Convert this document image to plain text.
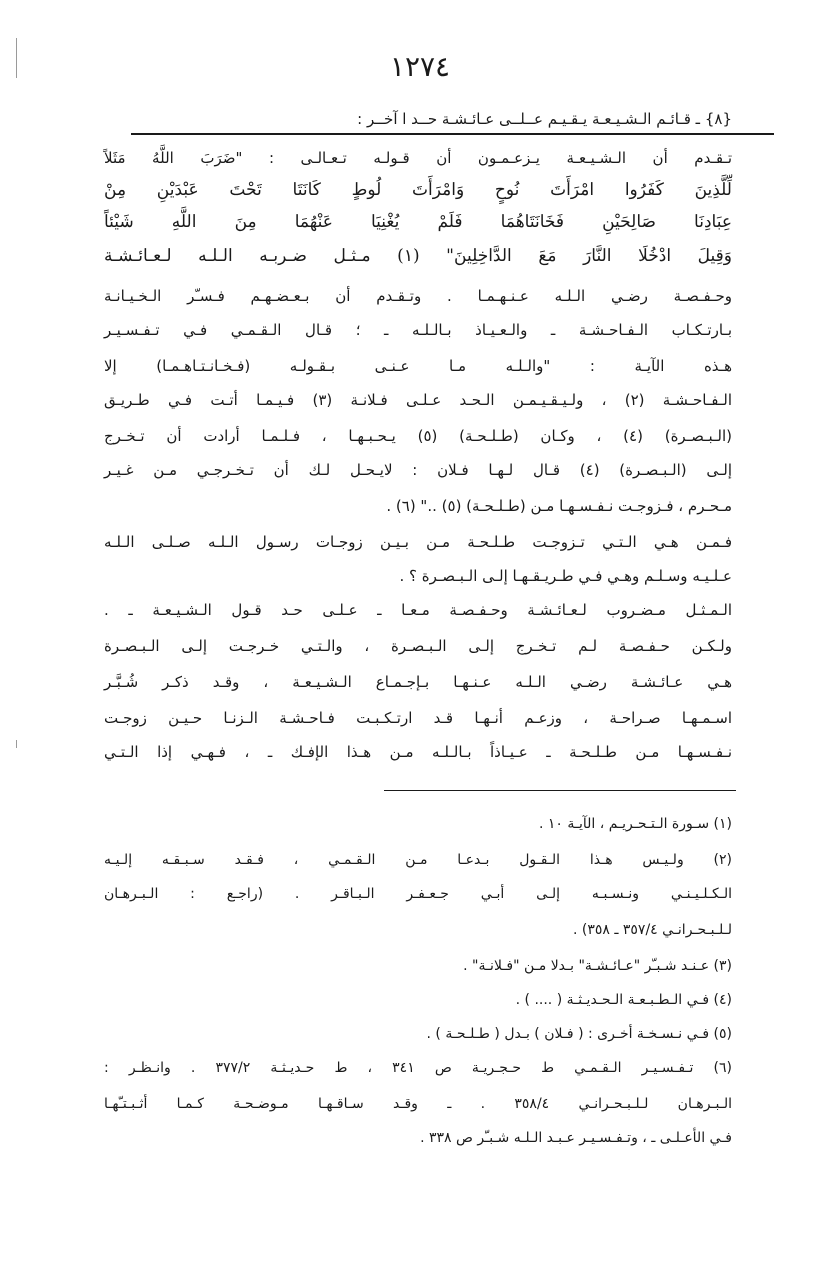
١٢٧٤
{٨} ـ قـائـم الـشـيـعـة يـقـيـم عــلــى عـائـشـة حــد ا آخــر :
تـقـدم أن الـشـيـعـة يـزعـمـون أن قـولـه تـعـالـى : "ضَرَبَ اللَّهُ مَثَلاً
لِّلَّذِينَ كَفَرُوا امْرَأَتَ نُوحٍ وَامْرَأَتَ لُوطٍ كَانَتَا تَحْتَ عَبْدَيْنِ مِنْ
عِبَادِنَا صَالِحَيْنِ فَخَانَتَاهُمَا فَلَمْ يُغْنِيَا عَنْهُمَا مِنَ اللَّهِ شَيْئاً
وَقِيلَ ادْخُلَا النَّارَ مَعَ الدَّاخِلِينَ" (١) مـثـل ضـربـه الـلـه لـعـائـشـة
وحـفـصـة رضـي الـلـه عـنـهـمـا . وتـقـدم أن بـعـضـهـم فـسـّر الـخـيـانـة
بـارتـكـاب الـفـاحـشـة ـ والـعـيـاذ بـالـلـه ـ ؛ قـال الـقـمـي فـي تـفـسـيـر
هـذه الآيـة : "والـلـه مـا عـنـى بـقـولـه (فـخـانـتـاهـمـا) إلا
الـفـاحـشـة (٢) ، ولـيـقـيـمـن الـحـد عـلـى فـلانـة (٣) فـيـمـا أتـت فـي طـريـق
(الـبـصـرة) (٤) ، وكـان (طـلـحـة) (٥) يـحـبـهـا ، فـلـمـا أرادت أن تـخـرج
إلـى (الـبـصـرة) (٤) قـال لـهـا فـلان : لايـحـل لـك أن تـخـرجـي مـن غـيـر
مـحـرم ، فـزوجـت نـفـسـهـا مـن (طـلـحـة) (٥) .." (٦) .
فـمـن هـي الـتـي تـزوجـت طـلـحـة مـن بـيـن زوجـات رسـول الـلـه صـلـى الـلـه
عـلـيـه وسـلـم وهـي فـي طـريـقـهـا إلـى الـبـصـرة ؟ .
الـمـثـل مـضـروب لـعـائـشـة وحـفـصـة مـعـا ـ عـلـى حـد قـول الـشـيـعـة ـ .
ولـكـن حـفـصـة لـم تـخـرج إلـى الـبـصـرة ، والـتـي خـرجـت إلـى الـبـصـرة
هـي عـائـشـة رضـي الـلـه عـنـهـا بـإجـمـاع الـشـيـعـة ، وقـد ذكـر شُـبَّـر
اسـمـهـا صـراحـة ، وزعـم أنـهـا قـد ارتـكـبـت فـاحـشـة الـزنـا حـيـن زوجـت
نـفـسـهـا مـن طـلـحـة ـ عـيـاذاً بـالـلـه مـن هـذا الإفـك ـ ، فـهـي إذا الـتـي
(١) سـورة الـتـحـريـم ، الآيـة ١٠ .
(٢) ولـيـس هـذا الـقـول بـدعـا مـن الـقـمـي ، فـقـد سـبـقـه إلـيـه
الـكـلـيـنـي ونـسـبـه إلـى أبـي جـعـفـر الـبـاقـر . (راجـع : الـبـرهـان
لـلـبـحـرانـي ٣٥٧/٤ ـ ٣٥٨) .
(٣) عـنـد شـبـّر "عـائـشـة" بـدلا مـن "فـلانـة" .
(٤) فـي الـطـبـعـة الـحـديـثـة ( .... ) .
(٥) فـي نـسـخـة أخـرى : ( فـلان ) بـدل ( طـلـحـة ) .
(٦) تـفـسـيـر الـقـمـي ط حـجـريـة ص ٣٤١ ، ط حـديـثـة ٣٧٧/٢ . وانـظـر :
الـبـرهـان لـلـبـحـرانـي ٣٥٨/٤ . ـ وقـد سـاقـهـا مـوضـحـة كـمـا أثـبـتـّهـا
فـي الأعـلـى ـ ، وتـفـسـيـر عـبـد الـلـه شـبـّر ص ٣٣٨ .
